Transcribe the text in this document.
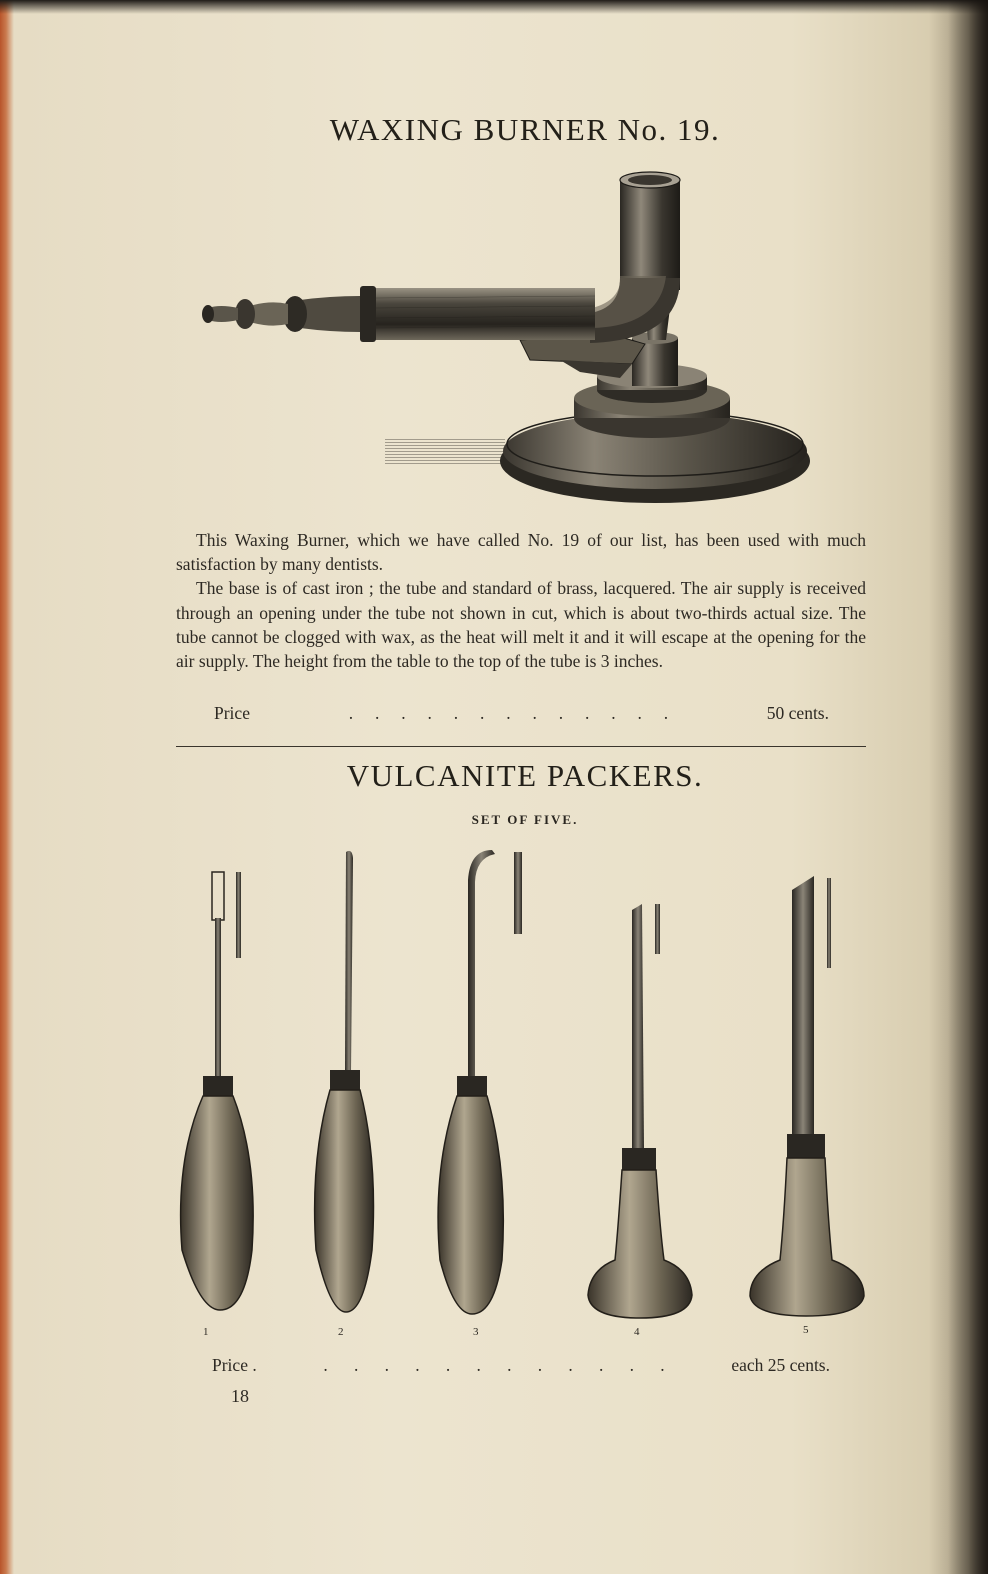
WAXING BURNER No. 19.

This Waxing Burner, which we have called No. 19 of our list, has been used with much satisfaction by many dentists.

The base is of cast iron ; the tube and standard of brass, lacquered. The air supply is received through an opening under the tube not shown in cut, which is about two-thirds actual size. The tube cannot be clogged with wax, as the heat will melt it and it will escape at the opening for the air supply. The height from the table to the top of the tube is 3 inches.

Price	.     .     .     .     .     .     .     .     .     .     .     .     .	50 cents.
VULCANITE PACKERS.
SET OF FIVE.
1	2	3	4	5
Price .	.      .      .      .      .      .      .      .      .      .      .      .	each 25 cents.
18
